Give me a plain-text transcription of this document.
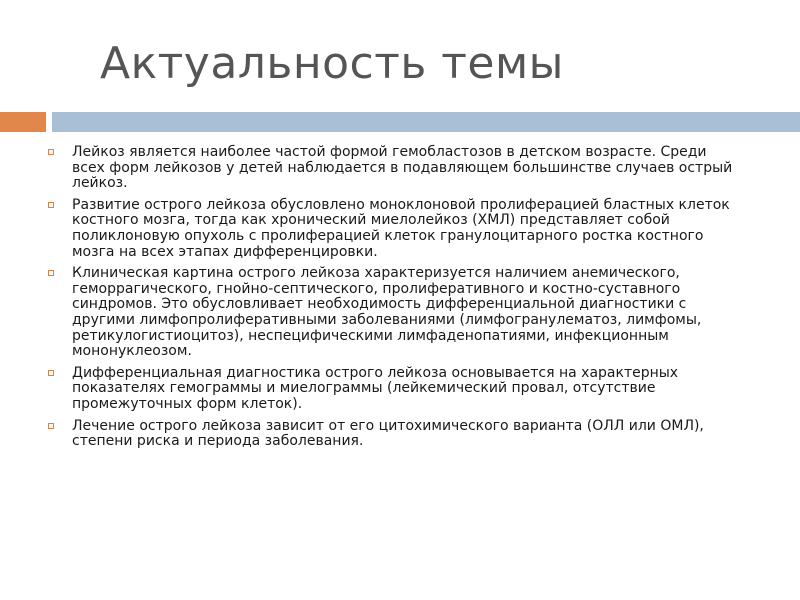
Актуальность темы
Лейкоз является наиболее частой формой гемобластозов в детском возрасте. Среди всех форм лейкозов у детей наблюдается в подавляющем большинстве случаев острый лейкоз.
Развитие острого лейкоза обусловлено моноклоновой пролиферацией бластных клеток костного мозга, тогда как хронический миелолейкоз (ХМЛ) представляет собой поликлоновую опухоль с пролиферацией клеток гранулоцитарного ростка костного мозга на всех этапах дифференцировки.
Клиническая картина острого лейкоза характеризуется наличием анемического, геморрагического, гнойно-септического, пролиферативного и костно-суставного синдромов. Это обусловливает необходимость дифференциальной диагностики с другими лимфопролиферативными заболеваниями (лимфогранулематоз, лимфомы, ретикулогистиоцитоз), неспецифическими лимфаденопатиями, инфекционным мононуклеозом.
Дифференциальная диагностика острого лейкоза основывается на характерных показателях гемограммы и миелограммы (лейкемический провал, отсутствие промежуточных форм клеток).
Лечение острого лейкоза зависит от его цитохимического варианта (ОЛЛ или ОМЛ), степени риска и периода заболевания.
